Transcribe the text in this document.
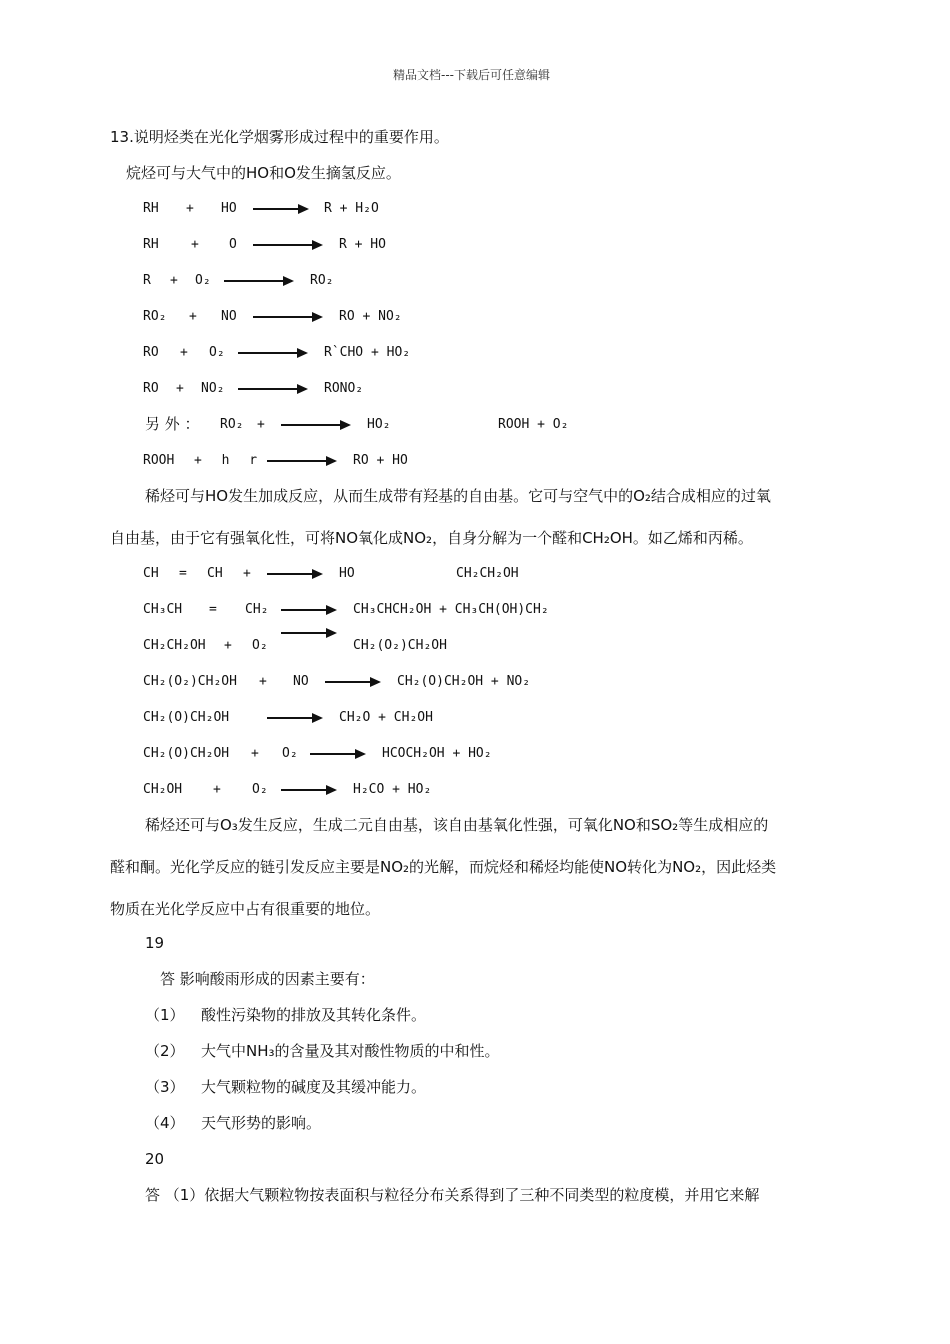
精品文档---下载后可任意编辑
13.说明烃类在光化学烟雾形成过程中的重要作用。
烷烃可与大气中的HO和O发生摘氢反应。
RH + HO → R + H₂O
RH + O	R + HO
R + O₂	RO₂
RO₂ + NO	RO + NO₂
RO + O₂	R`CHO + HO₂
RO + NO₂	RONO₂
另 外 ： RO₂ +	HO₂	ROOH + O₂
ROOH + h r	RO + HO
稀烃可与HO发生加成反应，从而生成带有羟基的自由基。它可与空气中的O₂结合成相应的过氧
自由基，由于它有强氧化性，可将NO氧化成NO₂，自身分解为一个醛和CH₂OH。如乙烯和丙稀。
CH = CH + → HO	CH₂CH₂OH
CH₃CH = CH₂ → CH₃CHCH₂OH + CH₃CH(OH)CH₂
CH₂CH₂OH + O₂	CH₂(O₂)CH₂OH
CH₂(O₂)CH₂OH + NO → CH₂(O)CH₂OH + NO₂
CH₂(O)CH₂OH → CH₂O + CH₂OH
CH₂(O)CH₂OH + O₂ → HCOCH₂OH + HO₂
CH₂OH + O₂ → H₂CO + HO₂
稀烃还可与O₃发生反应，生成二元自由基，该自由基氧化性强，可氧化NO和SO₂等生成相应的
醛和酮。光化学反应的链引发反应主要是NO₂的光解，而烷烃和稀烃均能使NO转化为NO₂，因此烃类
物质在光化学反应中占有很重要的地位。
19
答 影响酸雨形成的因素主要有：
（1） 酸性污染物的排放及其转化条件。
（2） 大气中NH₃的含量及其对酸性物质的中和性。
（3） 大气颗粒物的碱度及其缓冲能力。
（4） 天气形势的影响。
20
答 （1）依据大气颗粒物按表面积与粒径分布关系得到了三种不同类型的粒度模，并用它来解
